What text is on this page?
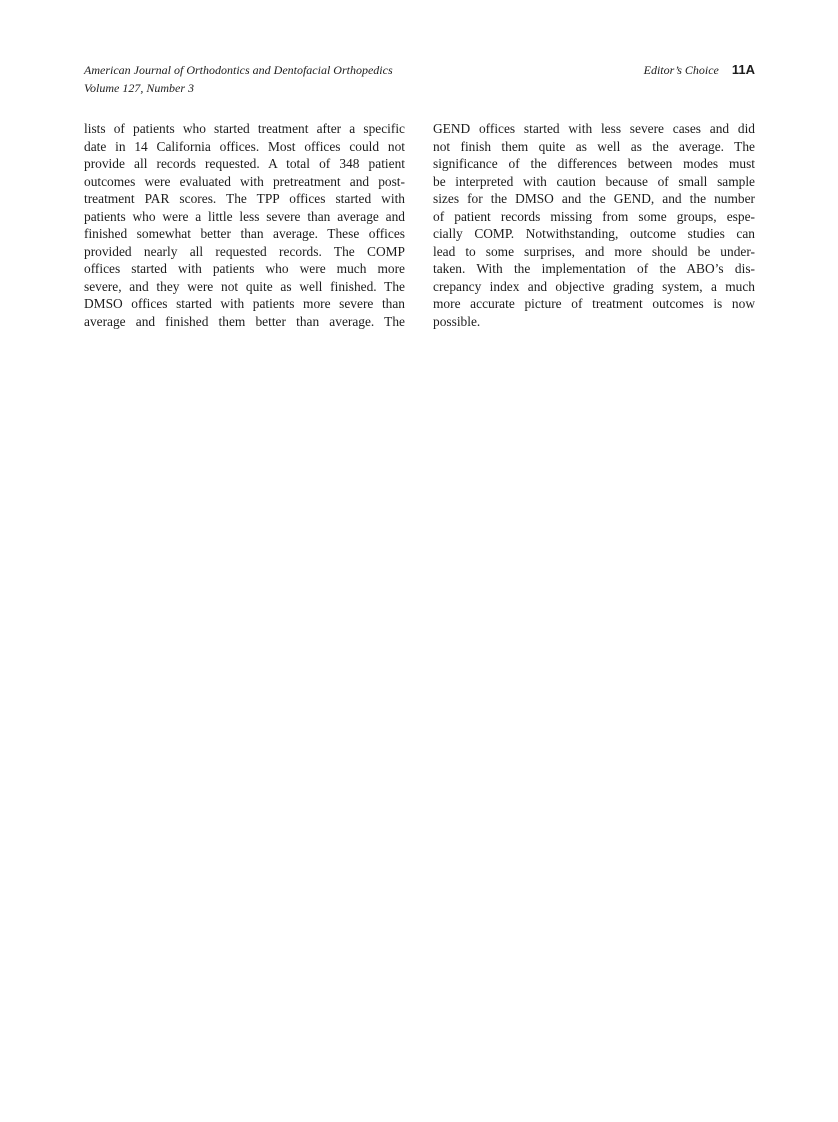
American Journal of Orthodontics and Dentofacial Orthopedics
Volume 127, Number 3
Editor’s Choice 11A
lists of patients who started treatment after a specific
date in 14 California offices. Most offices could not
provide all records requested. A total of 348 patient
outcomes were evaluated with pretreatment and post-
treatment PAR scores. The TPP offices started with
patients who were a little less severe than average and
finished somewhat better than average. These offices
provided nearly all requested records. The COMP
offices started with patients who were much more
severe, and they were not quite as well finished. The
DMSO offices started with patients more severe than
average and finished them better than average. The
GEND offices started with less severe cases and did
not finish them quite as well as the average. The
significance of the differences between modes must
be interpreted with caution because of small sample
sizes for the DMSO and the GEND, and the number
of patient records missing from some groups, espe-
cially COMP. Notwithstanding, outcome studies can
lead to some surprises, and more should be under-
taken. With the implementation of the ABO’s dis-
crepancy index and objective grading system, a much
more accurate picture of treatment outcomes is now
possible.
